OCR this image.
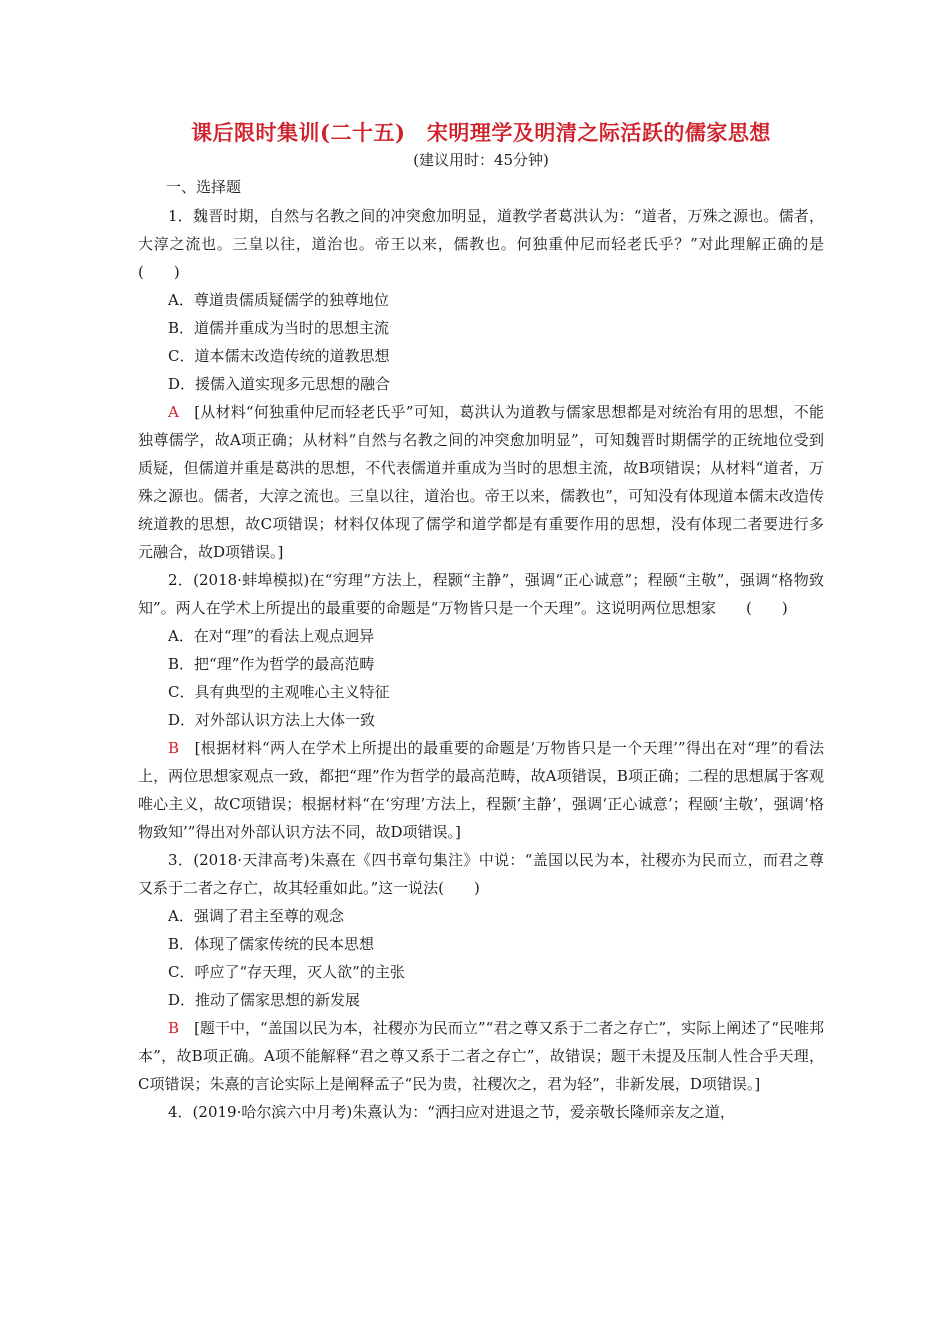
课后限时集训(二十五)　宋明理学及明清之际活跃的儒家思想

(建议用时：45分钟)

一、选择题

1．魏晋时期，自然与名教之间的冲突愈加明显，道教学者葛洪认为：“道者，万殊之源也。儒者，大淳之流也。三皇以往，道治也。帝王以来，儒教也。何独重仲尼而轻老氏乎？”对此理解正确的是(　　)

A．尊道贵儒质疑儒学的独尊地位

B．道儒并重成为当时的思想主流

C．道本儒末改造传统的道教思想

D．援儒入道实现多元思想的融合

A　[从材料“何独重仲尼而轻老氏乎”可知，葛洪认为道教与儒家思想都是对统治有用的思想，不能独尊儒学，故A项正确；从材料“自然与名教之间的冲突愈加明显”，可知魏晋时期儒学的正统地位受到质疑，但儒道并重是葛洪的思想，不代表儒道并重成为当时的思想主流，故B项错误；从材料“道者，万殊之源也。儒者，大淳之流也。三皇以往，道治也。帝王以来，儒教也”，可知没有体现道本儒末改造传统道教的思想，故C项错误；材料仅体现了儒学和道学都是有重要作用的思想，没有体现二者要进行多元融合，故D项错误。]

2．(2018·蚌埠模拟)在“穷理”方法上，程颢“主静”，强调“正心诚意”；程颐“主敬”，强调“格物致知”。两人在学术上所提出的最重要的命题是“万物皆只是一个天理”。这说明两位思想家　　(　　)

A．在对“理”的看法上观点迥异

B．把“理”作为哲学的最高范畴

C．具有典型的主观唯心主义特征

D．对外部认识方法上大体一致

B　[根据材料“两人在学术上所提出的最重要的命题是‘万物皆只是一个天理’”得出在对“理”的看法上，两位思想家观点一致，都把“理”作为哲学的最高范畴，故A项错误，B项正确；二程的思想属于客观唯心主义，故C项错误；根据材料“在‘穷理’方法上，程颢‘主静’，强调‘正心诚意’；程颐‘主敬’，强调‘格物致知’”得出对外部认识方法不同，故D项错误。]

3．(2018·天津高考)朱熹在《四书章句集注》中说：“盖国以民为本，社稷亦为民而立，而君之尊又系于二者之存亡，故其轻重如此。”这一说法(　　)

A．强调了君主至尊的观念

B．体现了儒家传统的民本思想

C．呼应了“存天理，灭人欲”的主张

D．推动了儒家思想的新发展

B　[题干中，“盖国以民为本，社稷亦为民而立”“君之尊又系于二者之存亡”，实际上阐述了“民唯邦本”，故B项正确。A项不能解释“君之尊又系于二者之存亡”，故错误；题干未提及压制人性合乎天理，C项错误；朱熹的言论实际上是阐释孟子“民为贵，社稷次之，君为轻”，非新发展，D项错误。]

4．(2019·哈尔滨六中月考)朱熹认为：“洒扫应对进退之节，爱亲敬长隆师亲友之道，
